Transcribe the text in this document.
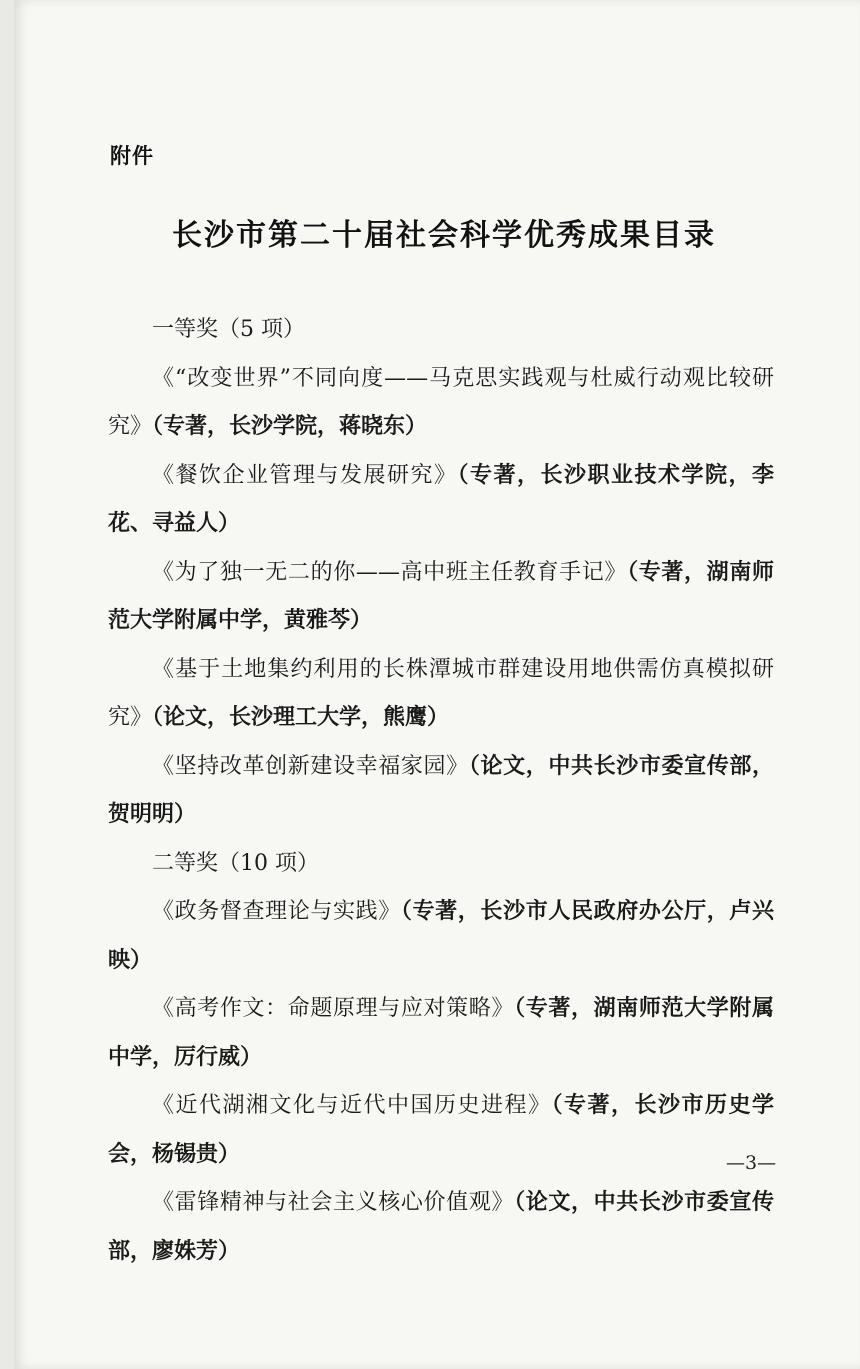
附件
长沙市第二十届社会科学优秀成果目录

一等奖（5 项）

《“改变世界”不同向度——马克思实践观与杜威行动观比较研究》（专著，长沙学院，蒋晓东）

《餐饮企业管理与发展研究》（专著，长沙职业技术学院，李花、寻益人）

《为了独一无二的你——高中班主任教育手记》（专著，湖南师范大学附属中学，黄雅芩）

《基于土地集约利用的长株潭城市群建设用地供需仿真模拟研究》（论文，长沙理工大学，熊鹰）

《坚持改革创新建设幸福家园》（论文，中共长沙市委宣传部，贺明明）

二等奖（10 项）

《政务督查理论与实践》（专著，长沙市人民政府办公厅，卢兴映）

《高考作文：命题原理与应对策略》（专著，湖南师范大学附属中学，厉行威）

《近代湖湘文化与近代中国历史进程》（专著，长沙市历史学会，杨锡贵）

《雷锋精神与社会主义核心价值观》（论文，中共长沙市委宣传部，廖姝芳）

—3—
